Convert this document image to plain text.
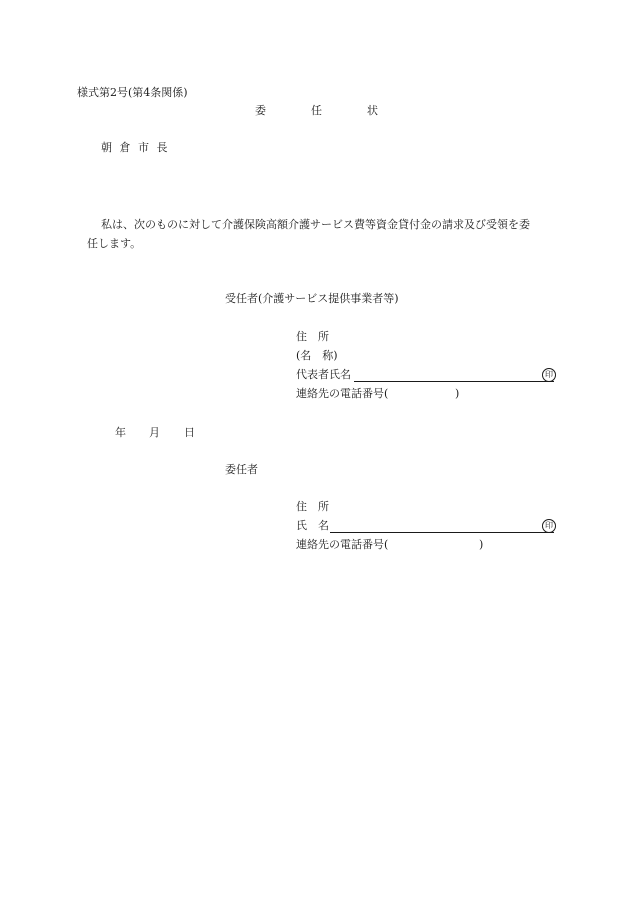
様式第2号(第4条関係)
委	任	状
朝 倉 市 長
私は、次のものに対して介護保険高額介護サービス費等資金貸付金の請求及び受領を委
任します。
受任者(介護サービス提供事業者等)
住　所
(名　称)
代表者氏名	印
連絡先の電話番号(	)
年 月 日
委任者
住　所
氏　名	印
連絡先の電話番号(	)
